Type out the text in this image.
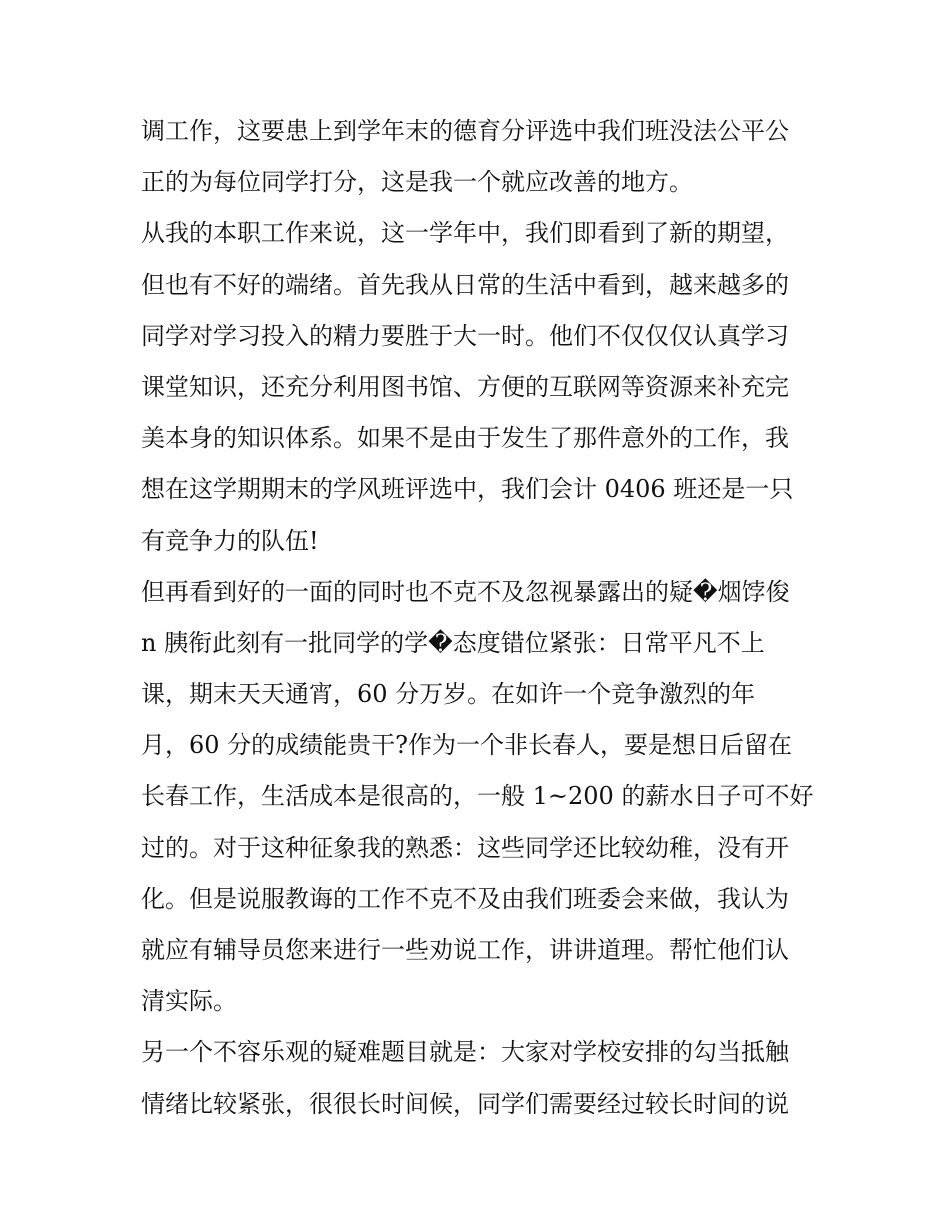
调工作，这要患上到学年末的德育分评选中我们班没法公平公
正的为每位同学打分，这是我一个就应改善的地方。
从我的本职工作来说，这一学年中，我们即看到了新的期望，
但也有不好的端绪。首先我从日常的生活中看到，越来越多的
同学对学习投入的精力要胜于大一时。他们不仅仅仅认真学习
课堂知识，还充分利用图书馆、方便的互联网等资源来补充完
美本身的知识体系。如果不是由于发生了那件意外的工作，我
想在这学期期末的学风班评选中，我们会计 0406 班还是一只
有竞争力的队伍!
但再看到好的一面的同时也不克不及忽视暴露出的疑�烟饽俊
n 胰衔此刻有一批同学的学�态度错位紧张：日常平凡不上
课，期末天天通宵，60 分万岁。在如许一个竞争激烈的年
月，60 分的成绩能贵干?作为一个非长春人，要是想日后留在
长春工作，生活成本是很高的，一般 1~200 的薪水日子可不好
过的。对于这种征象我的熟悉：这些同学还比较幼稚，没有开
化。但是说服教诲的工作不克不及由我们班委会来做，我认为
就应有辅导员您来进行一些劝说工作，讲讲道理。帮忙他们认
清实际。
另一个不容乐观的疑难题目就是：大家对学校安排的勾当抵触
情绪比较紧张，很很长时间候，同学们需要经过较长时间的说
